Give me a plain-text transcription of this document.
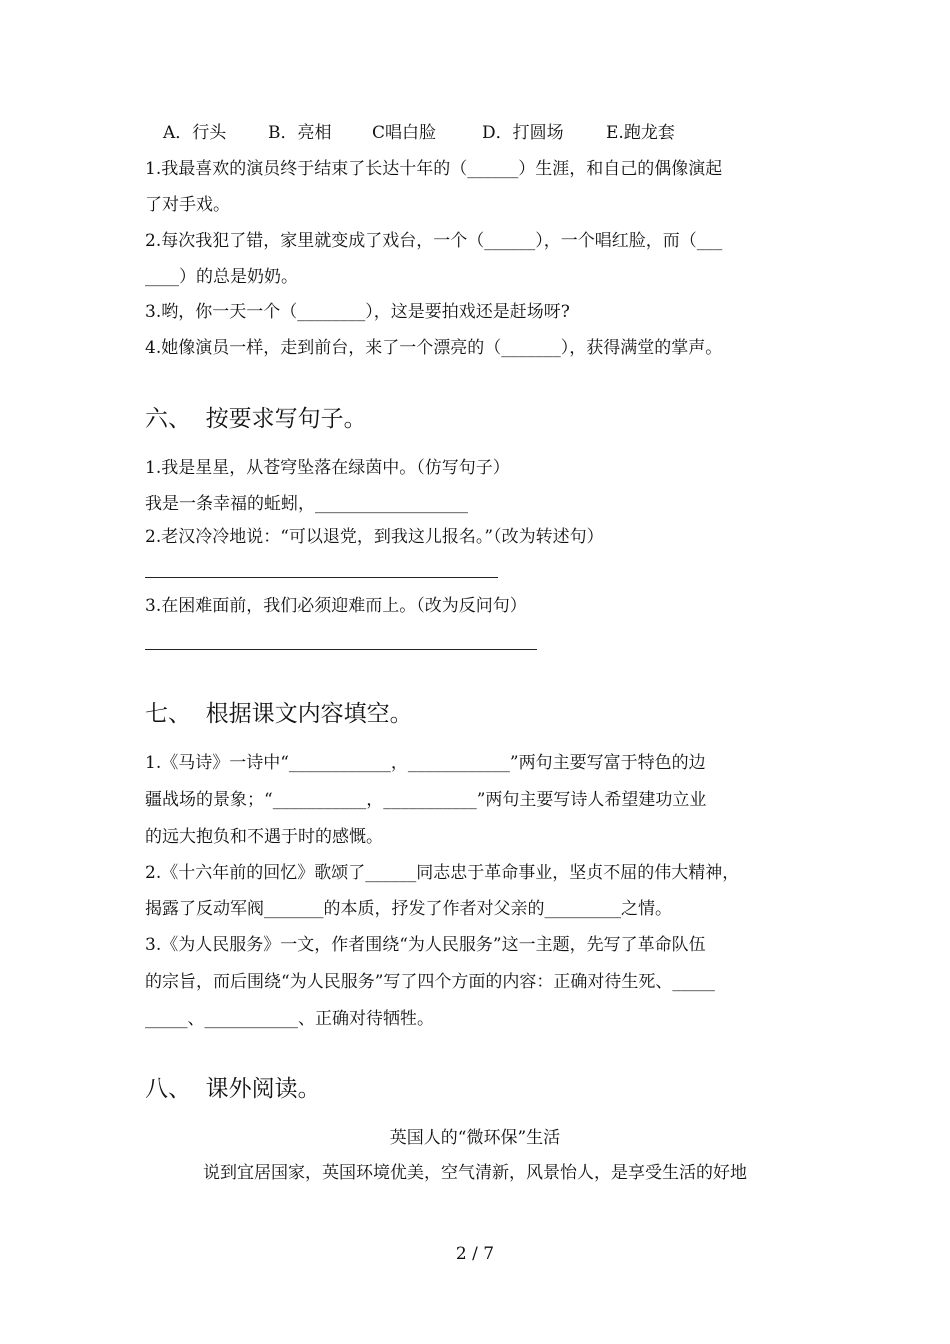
A．行头 B．亮相 C唱白脸	D．打圆场 E.跑龙套
1.我最喜欢的演员终于结束了长达十年的（______）生涯，和自己的偶像演起
了对手戏。
2.每次我犯了错，家里就变成了戏台，一个（______），一个唱红脸，而（___
____）的总是奶奶。
3.哟，你一天一个（________），这是要拍戏还是赶场呀?
4.她像演员一样，走到前台，来了一个漂亮的（_______），获得满堂的掌声。
六、  按要求写句子。
1.我是星星，从苍穹坠落在绿茵中。（仿写句子）
我是一条幸福的蚯蚓，__________________
2.老汉冷冷地说：“可以退党，到我这儿报名。”（改为转述句）
3.在困难面前，我们必须迎难而上。（改为反问句）
七、  根据课文内容填空。
1.《马诗》一诗中“____________，____________”两句主要写富于特色的边
疆战场的景象；“___________，___________”两句主要写诗人希望建功立业
的远大抱负和不遇于时的感慨。
2.《十六年前的回忆》歌颂了______同志忠于革命事业，坚贞不屈的伟大精神，
揭露了反动军阀_______的本质，抒发了作者对父亲的_________之情。
3.《为人民服务》一文，作者围绕“为人民服务”这一主题，先写了革命队伍
的宗旨，而后围绕“为人民服务”写了四个方面的内容：正确对待生死、_____
_____、___________、正确对待牺牲。
八、  课外阅读。
英国人的“微环保”生活
说到宜居国家，英国环境优美，空气清新，风景怡人，是享受生活的好地
2 / 7
